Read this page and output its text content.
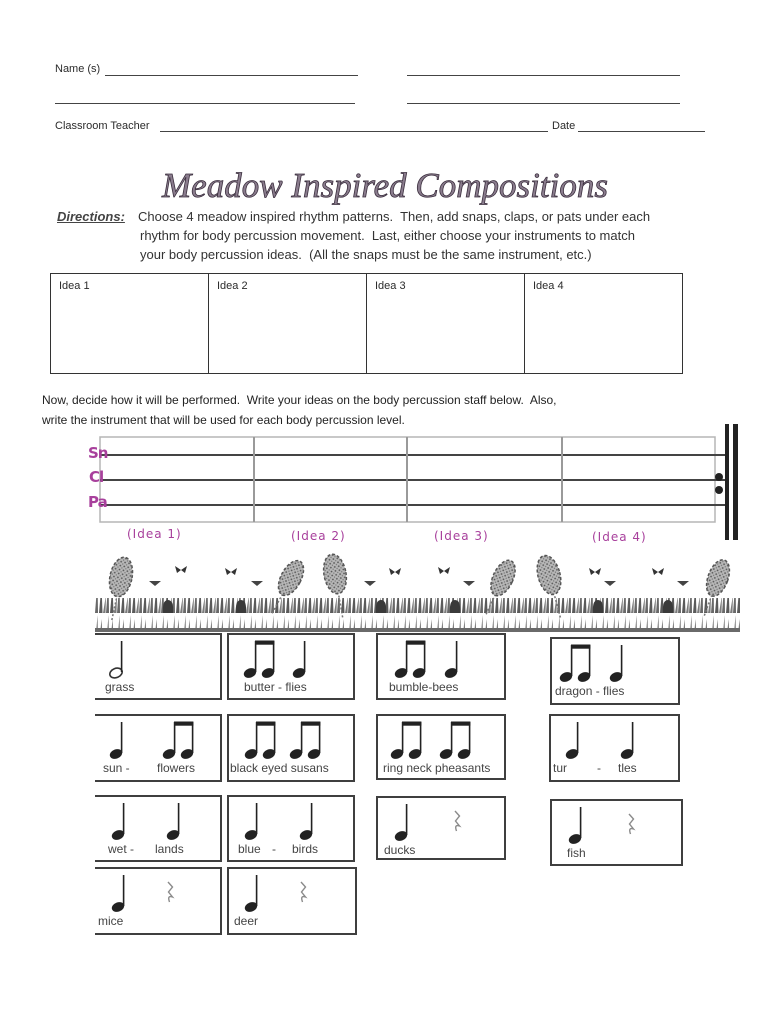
Name (s)
Classroom Teacher	Date
Meadow Inspired Compositions
Directions: Choose 4 meadow inspired rhythm patterns.  Then, add snaps, claps, or pats under each
rhythm for body percussion movement.  Last, either choose your instruments to match
your body percussion ideas.  (All the snaps must be the same instrument, etc.)
Idea 1	Idea 2	Idea 3	Idea 4
Now, decide how it will be performed.  Write your ideas on the body percussion staff below.  Also,
write the instrument that will be used for each body percussion level.
Sn
Cl
Pa
(Idea 1)	(Idea 2)	(Idea 3)	(Idea 4)
grass	butter - flies	bumble-bees	dragon - flies
sun - flowers	black eyed susans	ring neck pheasants	tur - tles
wet - lands	blue - birds	ducks	fish
mice	deer
